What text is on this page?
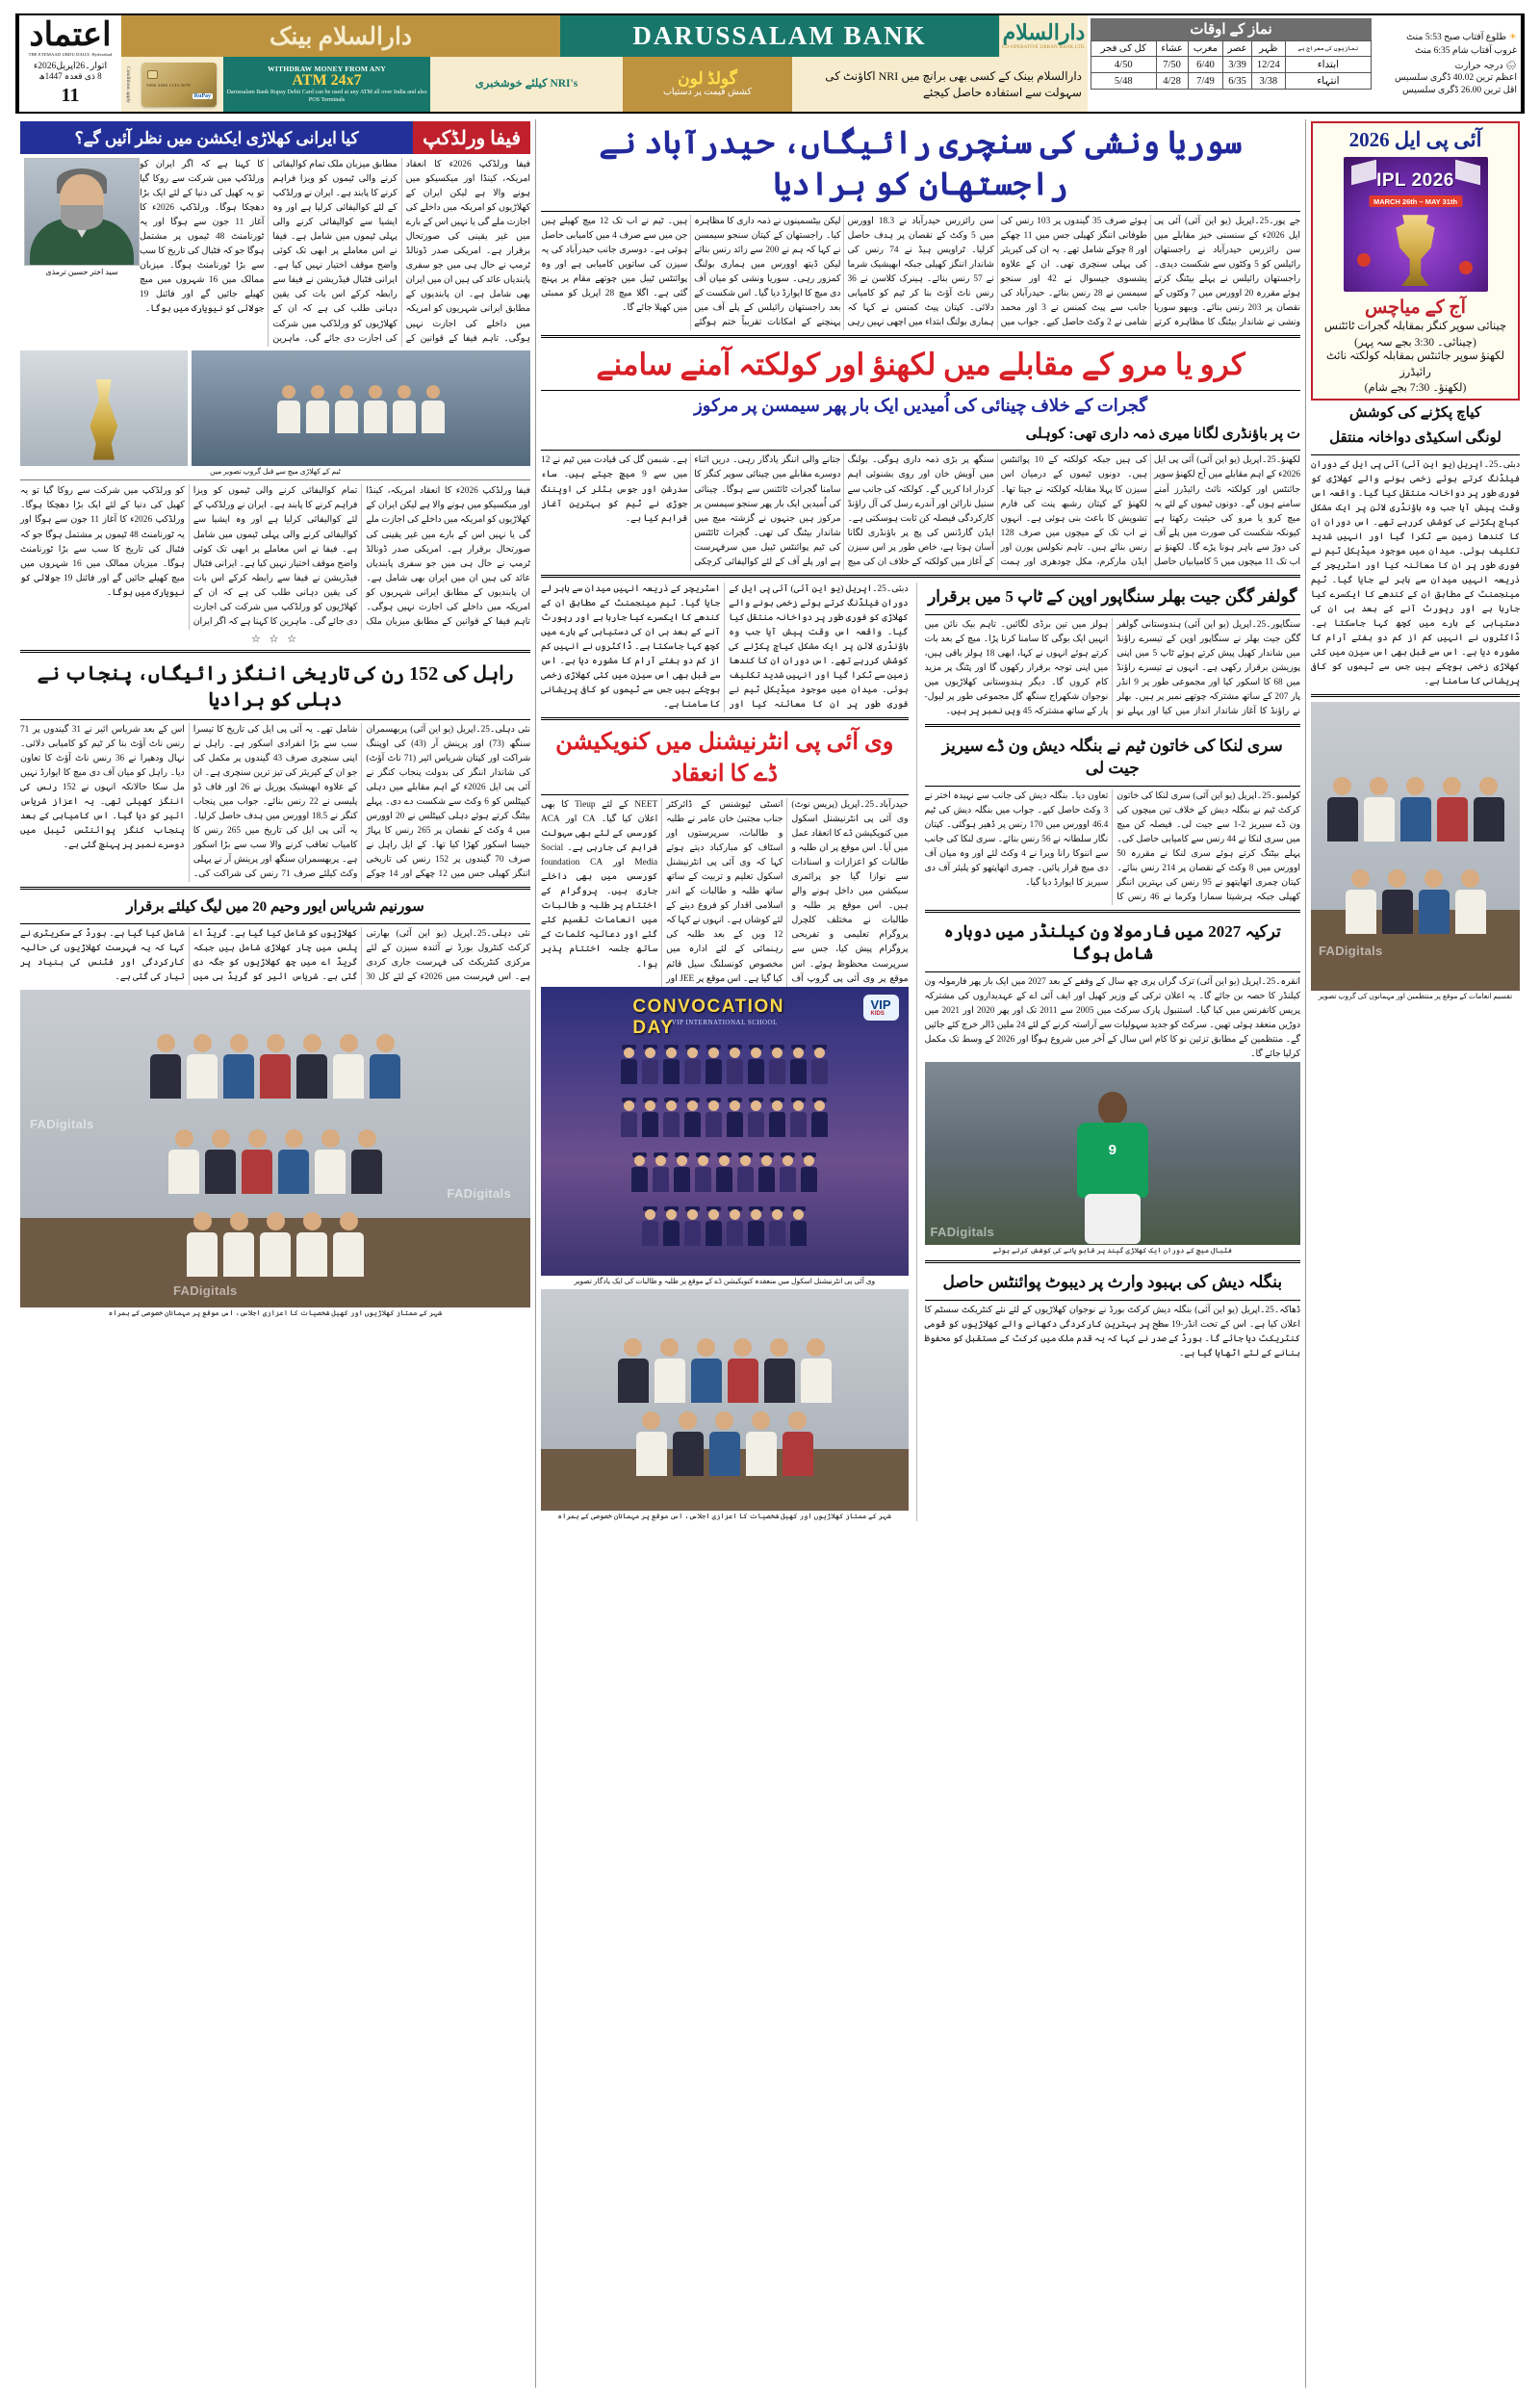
اعتماد
THE ETEMAAD URDU DAILY, Hyderabad
اتوار۔26اپریل2026ء
8 ذی قعدہ 1447ھ
11
دارالسلام بینک	DARUSSALAM BANK	دارالسلام
CO-OPERATIVE URBAN BANK LTD.
Conditions apply	5086 3400 1234 5678
RuPay
WITHDRAW MONEY FROM ANY
ATM 24x7
Darussalam Bank Rupay Debit Card can be used at any ATM all over India and also POS Terminals
NRI's کیلئے خوشخبری	گولڈ لون
کشش قیمت پر دستیاب
دارالسلام بینک کے کسی بھی برانچ میں NRI اکاؤنٹ کی سہولت سے استفادہ حاصل کیجئے
نماز کے اوقات
کل کی فجر	عشاء	مغرب	عصر	ظہر	نمازیوں کی معراج ہے
4/50	7/50	6/40	3/39	12/24	ابتداء
5/48	4/28	7/49	6/35	3/38	انتہاء
☀ طلوع آفتاب صبح 5:53 منٹ
غروب آفتاب شام 6:35 منٹ
🌧 درجہ حرارت
اعظم ترین 40.02 ڈگری سلسیس
اقل ترین 26.00 ڈگری سلسیس
آئی پی ایل 2026
IPL 2026
MARCH 26th – MAY 31th
آج کے میاچس
چینائی سوپر کنگز بمقابلہ گجرات ٹائٹنس
(چینائی۔ 3:30 بجے سہ پہر)
لکھنؤ سوپر جائنٹس بمقابلہ کولکتہ نائٹ رائیڈرز
(لکھنؤ۔ 7:30 بجے شام)
کیاچ پکڑنے کی کوشش
لونگی اسکیڈی دواخانہ منتقل
دبئی۔25۔اپریل (یو این آئی) آئی پی ایل کے دوران فیلڈنگ کرتے ہوئے زخمی ہونے والے کھلاڑی کو فوری طور پر دواخانہ منتقل کیا گیا۔ واقعہ اس وقت پیش آیا جب وہ باؤنڈری لائن پر ایک مشکل کیاچ پکڑنے کی کوشش کررہے تھے۔ اس دوران ان کا کندھا زمین سے ٹکرا گیا اور انہیں شدید تکلیف ہوئی۔ میدان میں موجود میڈیکل ٹیم نے فوری طور پر ان کا معائنہ کیا اور اسٹریچر کے ذریعہ انہیں میدان سے باہر لے جایا گیا۔ ٹیم مینجمنٹ کے مطابق ان کے کندھے کا ایکسرے کیا جارہا ہے اور رپورٹ آنے کے بعد ہی ان کی دستیابی کے بارے میں کچھ کہا جاسکتا ہے۔ ڈاکٹروں نے انہیں کم از کم دو ہفتے آرام کا مشورہ دیا ہے۔ اس سے قبل بھی اس سیزن میں کئی کھلاڑی زخمی ہوچکے ہیں جس سے ٹیموں کو کافی پریشانی کا سامنا ہے۔
FADigitals
تقسیم انعامات کے موقع پر منتظمین اور مہمانوں کی گروپ تصویر
سوریا ونشی کی سنچری رائیگاں، حیدرآباد نے راجستھان کو ہرادیا
جے پور۔25۔اپریل (یو این آئی) آئی پی ایل 2026ء کے سنسنی خیز مقابلے میں سن رائزرس حیدرآباد نے راجستھان رائیلس کو 5 وکٹوں سے شکست دیدی۔ راجستھان رائیلس نے پہلے بیٹنگ کرتے ہوئے مقررہ 20 اوورس میں 7 وکٹوں کے نقصان پر 203 رنس بنائے۔ ویبھو سوریا ونشی نے شاندار بیٹنگ کا مظاہرہ کرتے ہوئے صرف 35 گیندوں پر 103 رنس کی طوفانی اننگز کھیلی جس میں 11 چھکے اور 8 چوکے شامل تھے۔ یہ ان کی کیریئر کی پہلی سنچری تھی۔ ان کے علاوہ یشسوی جیسوال نے 42 اور سنجو سیمسن نے 28 رنس بنائے۔ حیدرآباد کی جانب سے پیٹ کمنس نے 3 اور محمد شامی نے 2 وکٹ حاصل کیے۔ جواب میں سن رائزرس حیدرآباد نے 18.3 اوورس میں 5 وکٹ کے نقصان پر ہدف حاصل کرلیا۔ ٹراویس ہیڈ نے 74 رنس کی شاندار اننگز کھیلی جبکہ ابھیشیک شرما نے 57 رنس بنائے۔ ہینرک کلاسن نے 36 رنس ناٹ آؤٹ بنا کر ٹیم کو کامیابی دلائی۔ کپتان پیٹ کمنس نے کہا کہ ہماری بولنگ ابتداء میں اچھی نہیں رہی لیکن بیٹسمینوں نے ذمہ داری کا مظاہرہ کیا۔ راجستھان کے کپتان سنجو سیمسن نے کہا کہ ہم نے 200 سے زائد رنس بنائے لیکن ڈیتھ اوورس میں ہماری بولنگ کمزور رہی۔ سوریا ونشی کو میان آف دی میچ کا ایوارڈ دیا گیا۔ اس شکست کے بعد راجستھان رائیلس کے پلے آف میں پہنچنے کے امکانات تقریباً ختم ہوگئے ہیں۔ ٹیم نے اب تک 12 میچ کھیلے ہیں جن میں سے صرف 4 میں کامیابی حاصل ہوئی ہے۔ دوسری جانب حیدرآباد کی یہ سیزن کی ساتویں کامیابی ہے اور وہ پوائنٹس ٹیبل میں چوتھے مقام پر پہنچ گئی ہے۔ اگلا میچ 28 اپریل کو ممبئی میں کھیلا جائے گا۔
کرو یا مرو کے مقابلے میں لکھنؤ اور کولکتہ آمنے سامنے
گجرات کے خلاف چینائی کی اُمیدیں ایک بار پھر سیمسن پر مرکوز
ت پر باؤنڈری لگانا میری ذمہ داری تھی: کوہلی
لکھنؤ۔25۔اپریل (یو این آئی) آئی پی ایل 2026ء کے اہم مقابلے میں آج لکھنؤ سوپر جائنٹس اور کولکتہ نائٹ رائیڈرز آمنے سامنے ہوں گے۔ دونوں ٹیموں کے لئے یہ میچ کرو یا مرو کی حیثیت رکھتا ہے کیونکہ شکست کی صورت میں پلے آف کی دوڑ سے باہر ہونا پڑے گا۔ لکھنؤ نے اب تک 11 میچوں میں 5 کامیابیاں حاصل کی ہیں جبکہ کولکتہ کے 10 پوائنٹس ہیں۔ دونوں ٹیموں کے درمیان اس سیزن کا پہلا مقابلہ کولکتہ نے جیتا تھا۔ لکھنؤ کے کپتان رشبھ پنت کی فارم تشویش کا باعث بنی ہوئی ہے۔ انہوں نے اب تک کے میچوں میں صرف 128 رنس بنائے ہیں۔ تاہم نکولس پورن اور ایڈن مارکرم، مکل چودھری اور ہمت سنگھ پر بڑی ذمہ داری ہوگی۔ بولنگ میں آویش خان اور روی بشنوئی اہم کردار ادا کریں گے۔ کولکتہ کی جانب سے سنیل نارائن اور آندرے رسل کی آل راؤنڈ کارکردگی فیصلہ کن ثابت ہوسکتی ہے۔ ایڈن گارڈنس کی پچ پر باؤنڈری لگانا آسان ہوتا ہے، خاص طور پر اس سیزن کے آغاز میں کولکتہ کے خلاف ان کی میچ جتانے والی اننگز یادگار رہی۔ دریں اثناء دوسرے مقابلے میں چینائی سوپر کنگز کا سامنا گجرات ٹائٹنس سے ہوگا۔ چینائی کی اُمیدیں ایک بار پھر سنجو سیمسن پر مرکوز ہیں جنہوں نے گزشتہ میچ میں شاندار بیٹنگ کی تھی۔ گجرات ٹائٹنس کی ٹیم پوائنٹس ٹیبل میں سرفہرست ہے اور پلے آف کے لئے کوالیفائی کرچکی ہے۔ شبمن گل کی قیادت میں ٹیم نے 12 میں سے 9 میچ جیتے ہیں۔ ساء سدرشن اور جوس بٹلر کی اوپننگ جوڑی نے ٹیم کو بہترین آغاز فراہم کیا ہے۔
گولفر گگن جیت بھلر سنگاپور اوپن کے ٹاپ 5 میں برقرار
سنگاپور۔25۔اپریل (یو این آئی) ہندوستانی گولفر گگن جیت بھلر نے سنگاپور اوپن کے تیسرے راؤنڈ میں شاندار کھیل پیش کرتے ہوئے ٹاپ 5 میں اپنی پوزیشن برقرار رکھی ہے۔ انہوں نے تیسرے راؤنڈ میں 68 کا اسکور کیا اور مجموعی طور پر 9 انڈر پار 207 کے ساتھ مشترکہ چوتھے نمبر پر ہیں۔ بھلر نے راؤنڈ کا آغاز شاندار انداز میں کیا اور پہلے نو ہولز میں تین برڈی لگائیں۔ تاہم بیک نائن میں انہیں ایک بوگی کا سامنا کرنا پڑا۔ میچ کے بعد بات کرتے ہوئے انہوں نے کہا، ابھی 18 ہولز باقی ہیں، میں اپنی توجہ برقرار رکھوں گا اور پٹنگ پر مزید کام کروں گا۔ دیگر ہندوستانی کھلاڑیوں میں نوجوان شکھراج سنگھ گل مجموعی طور پر لیول-پار کے ساتھ مشترکہ 45 ویں نمبر پر ہیں۔
سری لنکا کی خاتون ٹیم نے بنگلہ دیش ون ڈے سیریز جیت لی
کولمبو۔25۔اپریل (یو این آئی) سری لنکا کی خاتون کرکٹ ٹیم نے بنگلہ دیش کے خلاف تین میچوں کی ون ڈے سیریز 2-1 سے جیت لی۔ فیصلہ کن میچ میں سری لنکا نے 44 رنس سے کامیابی حاصل کی۔ پہلے بیٹنگ کرتے ہوئے سری لنکا نے مقررہ 50 اوورس میں 8 وکٹ کے نقصان پر 214 رنس بنائے۔ کپتان چمری اتھاپتھو نے 95 رنس کی بہترین اننگز کھیلی جبکہ ہرشیتا سمارا وکرما نے 46 رنس کا تعاون دیا۔ بنگلہ دیش کی جانب سے نہیدہ اختر نے 3 وکٹ حاصل کیے۔ جواب میں بنگلہ دیش کی ٹیم 46.4 اوورس میں 170 رنس پر ڈھیر ہوگئی۔ کپتان نگار سلطانہ نے 56 رنس بنائے۔ سری لنکا کی جانب سے اننوکا رانا ویرا نے 4 وکٹ لئے اور وہ میان آف دی میچ قرار پائیں۔ چمری اتھاپتھو کو پلیئر آف دی سیریز کا ایوارڈ دیا گیا۔
ترکیہ 2027 میں فارمولا ون کیلنڈر میں دوبارہ شامل ہوگا
انقرہ۔25۔اپریل (یو این آئی) ترک گراں پری چھ سال کے وقفے کے بعد 2027 میں ایک بار پھر فارمولہ ون کیلنڈر کا حصہ بن جائے گا۔ یہ اعلان ترکی کے وزیر کھیل اور ایف آئی اے کے عہدیداروں کی مشترکہ پریس کانفرنس میں کیا گیا۔ استنبول پارک سرکٹ میں 2005 سے 2011 تک اور پھر 2020 اور 2021 میں دوڑیں منعقد ہوئی تھیں۔ سرکٹ کو جدید سہولیات سے آراستہ کرنے کے لئے 24 ملین ڈالر خرچ کئے جائیں گے۔ منتظمین کے مطابق تزئین نو کا کام اس سال کے آخر میں شروع ہوگا اور 2026 کے وسط تک مکمل کرلیا جائے گا۔
9
FADigitals
فٹبال میچ کے دوران ایک کھلاڑی گیند پر قابو پانے کی کوشش کرتے ہوئے
بنگلہ دیش کی بہبود وارث پر دیبوٹ پوائنٹس حاصل
ڈھاکہ۔25۔اپریل (یو این آئی) بنگلہ دیش کرکٹ بورڈ نے نوجوان کھلاڑیوں کے لئے نئے کنٹریکٹ سسٹم کا اعلان کیا ہے۔ اس کے تحت انڈر-19 سطح پر بہترین کارکردگی دکھانے والے کھلاڑیوں کو قومی کنٹریکٹ دیا جائے گا۔ بورڈ کے صدر نے کہا کہ یہ قدم ملک میں کرکٹ کے مستقبل کو محفوظ بنانے کے لئے اٹھایا گیا ہے۔
دبئی۔25۔اپریل (یو این آئی) آئی پی ایل کے دوران فیلڈنگ کرتے ہوئے زخمی ہونے والے کھلاڑی کو فوری طور پر دواخانہ منتقل کیا گیا۔ واقعہ اس وقت پیش آیا جب وہ باؤنڈری لائن پر ایک مشکل کیاچ پکڑنے کی کوشش کررہے تھے۔ اس دوران ان کا کندھا زمین سے ٹکرا گیا اور انہیں شدید تکلیف ہوئی۔ میدان میں موجود میڈیکل ٹیم نے فوری طور پر ان کا معائنہ کیا اور اسٹریچر کے ذریعہ انہیں میدان سے باہر لے جایا گیا۔ ٹیم مینجمنٹ کے مطابق ان کے کندھے کا ایکسرے کیا جارہا ہے اور رپورٹ آنے کے بعد ہی ان کی دستیابی کے بارے میں کچھ کہا جاسکتا ہے۔ ڈاکٹروں نے انہیں کم از کم دو ہفتے آرام کا مشورہ دیا ہے۔ اس سے قبل بھی اس سیزن میں کئی کھلاڑی زخمی ہوچکے ہیں جس سے ٹیموں کو کافی پریشانی کا سامنا ہے۔
وی آئی پی انٹرنیشنل میں کنویکیشن ڈے کا انعقاد
حیدرآباد۔25۔اپریل (پریس نوٹ) وی آئی پی انٹرنیشنل اسکول میں کنویکیشن ڈے کا انعقاد عمل میں آیا۔ اس موقع پر ان طلبہ و طالبات کو اعزازات و اسنادات سے نوازا گیا جو پرائمری سیکشن میں داخل ہونے والے ہیں۔ اس موقع پر طلبہ و طالبات نے مختلف کلچرل پروگرام تعلیمی و تفریحی پروگرام پیش کیا، جس سے سرپرست محظوظ ہوئے۔ اس موقع پر وی آئی پی گروپ آف انسٹی ٹیوشنس کے ڈائرکٹر جناب مجتبیٰ خان عامر نے طلبہ و طالبات، سرپرستوں اور اسٹاف کو مبارکباد دیتے ہوئے کہا کہ وی آئی پی انٹرنیشنل اسکول تعلیم و تربیت کے ساتھ ساتھ طلبہ و طالبات کے اندر اسلامی اقدار کو فروغ دینے کے لئے کوشاں ہے۔ انہوں نے کہا کہ 12 ویں کے بعد طلبہ کی رہنمائی کے لئے ادارہ میں مخصوص کونسلنگ سیل قائم کیا گیا ہے۔ اس موقع پر JEE اور NEET کے لئے Tieup کا بھی اعلان کیا گیا۔ CA اور ACA کورسس کے لئے بھی سہولت فراہم کی جارہی ہے۔ Social Media اور foundation CA کورسس میں بھی داخلے جاری ہیں۔ پروگرام کے اختتام پر طلبہ و طالبات میں انعامات تقسیم کئے گئے اور دعائیہ کلمات کے ساتھ جلسہ اختتام پذیر ہوا۔
CONVOCATION DAY
VIP INTERNATIONAL SCHOOL
VIP
KIDS
وی آئی پی انٹرنیشنل اسکول میں منعقدہ کنویکیشن ڈے کے موقع پر طلبہ و طالبات کی ایک یادگار تصویر
شہر کے ممتاز کھلاڑیوں اور کھیل شخصیات کا اعزازی اجلاس، اس موقع پر مہمانان خصوصی کے ہمراہ
فیفا ورلڈکپ
کیا ایرانی کھلاڑی ایکشن میں نظر آئیں گے؟
سید اختر حسین ترمذی
فیفا ورلڈکپ 2026ء کا انعقاد امریکہ، کینڈا اور میکسیکو میں ہونے والا ہے لیکن ایران کے کھلاڑیوں کو امریکہ میں داخلے کی اجازت ملے گی یا نہیں اس کے بارے میں غیر یقینی کی صورتحال برقرار ہے۔ امریکی صدر ڈونالڈ ٹرمپ نے حال ہی میں جو سفری پابندیاں عائد کی ہیں ان میں ایران بھی شامل ہے۔ ان پابندیوں کے مطابق ایرانی شہریوں کو امریکہ میں داخلے کی اجازت نہیں ہوگی۔ تاہم فیفا کے قوانین کے مطابق میزبان ملک تمام کوالیفائی کرنے والی ٹیموں کو ویزا فراہم کرنے کا پابند ہے۔ ایران نے ورلڈکپ کے لئے کوالیفائی کرلیا ہے اور وہ ایشیا سے کوالیفائی کرنے والی پہلی ٹیموں میں شامل ہے۔ فیفا نے اس معاملے پر ابھی تک کوئی واضح موقف اختیار نہیں کیا ہے۔ ایرانی فٹبال فیڈریشن نے فیفا سے رابطہ کرکے اس بات کی یقین دہانی طلب کی ہے کہ ان کے کھلاڑیوں کو ورلڈکپ میں شرکت کی اجازت دی جائے گی۔ ماہرین کا کہنا ہے کہ اگر ایران کو ورلڈکپ میں شرکت سے روکا گیا تو یہ کھیل کی دنیا کے لئے ایک بڑا دھچکا ہوگا۔ ورلڈکپ 2026ء کا آغاز 11 جون سے ہوگا اور یہ ٹورنامنٹ 48 ٹیموں پر مشتمل ہوگا جو کہ فٹبال کی تاریخ کا سب سے بڑا ٹورنامنٹ ہوگا۔ میزبان ممالک میں 16 شہروں میں میچ کھیلے جائیں گے اور فائنل 19 جولائی کو نیویارک میں ہوگا۔
ٹیم کے کھلاڑی میچ سے قبل گروپ تصویر میں
فیفا ورلڈکپ 2026ء کا انعقاد امریکہ، کینڈا اور میکسیکو میں ہونے والا ہے لیکن ایران کے کھلاڑیوں کو امریکہ میں داخلے کی اجازت ملے گی یا نہیں اس کے بارے میں غیر یقینی کی صورتحال برقرار ہے۔ امریکی صدر ڈونالڈ ٹرمپ نے حال ہی میں جو سفری پابندیاں عائد کی ہیں ان میں ایران بھی شامل ہے۔ ان پابندیوں کے مطابق ایرانی شہریوں کو امریکہ میں داخلے کی اجازت نہیں ہوگی۔ تاہم فیفا کے قوانین کے مطابق میزبان ملک تمام کوالیفائی کرنے والی ٹیموں کو ویزا فراہم کرنے کا پابند ہے۔ ایران نے ورلڈکپ کے لئے کوالیفائی کرلیا ہے اور وہ ایشیا سے کوالیفائی کرنے والی پہلی ٹیموں میں شامل ہے۔ فیفا نے اس معاملے پر ابھی تک کوئی واضح موقف اختیار نہیں کیا ہے۔ ایرانی فٹبال فیڈریشن نے فیفا سے رابطہ کرکے اس بات کی یقین دہانی طلب کی ہے کہ ان کے کھلاڑیوں کو ورلڈکپ میں شرکت کی اجازت دی جائے گی۔ ماہرین کا کہنا ہے کہ اگر ایران کو ورلڈکپ میں شرکت سے روکا گیا تو یہ کھیل کی دنیا کے لئے ایک بڑا دھچکا ہوگا۔ ورلڈکپ 2026ء کا آغاز 11 جون سے ہوگا اور یہ ٹورنامنٹ 48 ٹیموں پر مشتمل ہوگا جو کہ فٹبال کی تاریخ کا سب سے بڑا ٹورنامنٹ ہوگا۔ میزبان ممالک میں 16 شہروں میں میچ کھیلے جائیں گے اور فائنل 19 جولائی کو نیویارک میں ہوگا۔
☆ ☆ ☆
راہل کی 152 رن کی تاریخی اننگز رائیگاں، پنجاب نے دہلی کو ہرادیا
نئی دہلی۔25۔اپریل (یو این آئی) پربھسمران سنگھ (73) اور پرینش آر (43) کی اوپننگ شراکت اور کپتان شریاس ائیر (71 ناٹ آؤٹ) کی شاندار اننگز کی بدولت پنجاب کنگز نے آئی پی ایل 2026ء کے اہم مقابلے میں دہلی کیپٹلس کو 6 وکٹ سے شکست دے دی۔ پہلے بیٹنگ کرتے ہوئے دہلی کیپٹلس نے 20 اوورس میں 4 وکٹ کے نقصان پر 265 رنس کا پہاڑ جیسا اسکور کھڑا کیا تھا۔ کے ایل راہل نے صرف 70 گیندوں پر 152 رنس کی تاریخی اننگز کھیلی جس میں 12 چھکے اور 14 چوکے شامل تھے۔ یہ آئی پی ایل کی تاریخ کا تیسرا سب سے بڑا انفرادی اسکور ہے۔ راہل نے اپنی سنچری صرف 43 گیندوں پر مکمل کی جو ان کے کیریئر کی تیز ترین سنچری ہے۔ ان کے علاوہ ابھیشیک پوریل نے 26 اور فاف ڈو پلیسی نے 22 رنس بنائے۔ جواب میں پنجاب کنگز نے 18.5 اوورس میں ہدف حاصل کرلیا۔ یہ آئی پی ایل کی تاریخ میں 265 رنس کا کامیاب تعاقب کرنے والا سب سے بڑا اسکور ہے۔ پربھسمران سنگھ اور پرینش آر نے پہلی وکٹ کیلئے صرف 71 رنس کی شراکت کی۔ اس کے بعد شریاس ائیر نے 31 گیندوں پر 71 رنس ناٹ آؤٹ بنا کر ٹیم کو کامیابی دلائی۔ نہال ودھیرا نے 36 رنس ناٹ آؤٹ کا تعاون دیا۔ راہل کو میان آف دی میچ کا ایوارڈ نہیں مل سکا حالانکہ انہوں نے 152 رنس کی اننگز کھیلی تھی۔ یہ اعزاز شریاس ائیر کو دیا گیا۔ اس کامیابی کے بعد پنجاب کنگز پوائنٹس ٹیبل میں دوسرے نمبر پر پہنچ گئی ہے۔
سورنیم شریاس ایور وحیم 20 میں لیگ کیلئے برقرار
نئی دہلی۔25۔اپریل (یو این آئی) بھارتی کرکٹ کنٹرول بورڈ نے آئندہ سیزن کے لئے مرکزی کنٹریکٹ کی فہرست جاری کردی ہے۔ اس فہرست میں 2026ء کے لئے کل 30 کھلاڑیوں کو شامل کیا گیا ہے۔ گریڈ اے پلس میں چار کھلاڑی شامل ہیں جبکہ گریڈ اے میں چھ کھلاڑیوں کو جگہ دی گئی ہے۔ شریاس ائیر کو گریڈ بی میں شامل کیا گیا ہے۔ بورڈ کے سکریٹری نے کہا کہ یہ فہرست کھلاڑیوں کی حالیہ کارکردگی اور فٹنس کی بنیاد پر تیار کی گئی ہے۔
FADigitals
FADigitals
FADigitals
شہر کے ممتاز کھلاڑیوں اور کھیل شخصیات کا اعزازی اجلاس، اس موقع پر مہمانان خصوصی کے ہمراہ
